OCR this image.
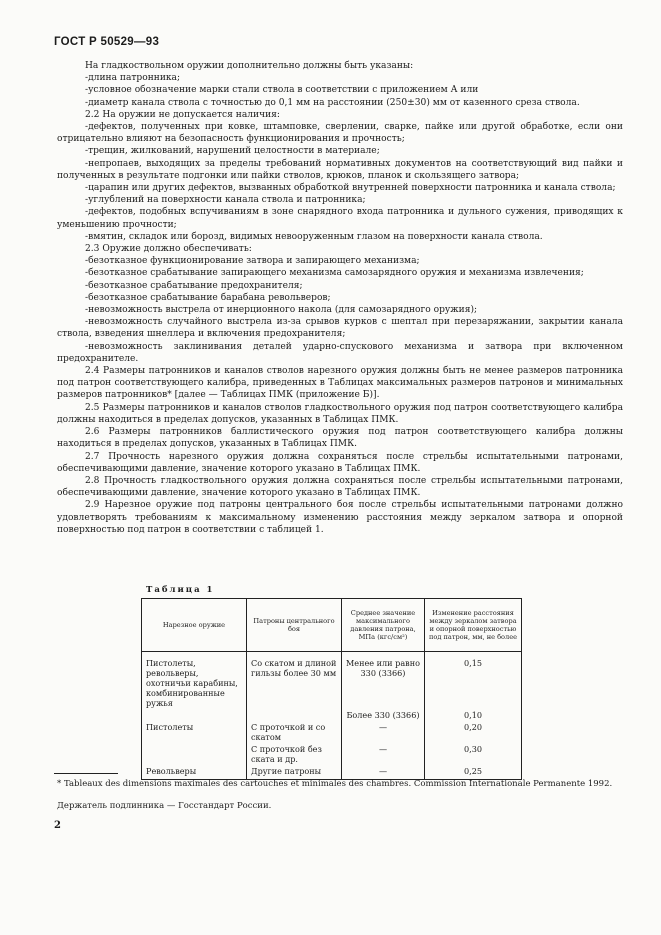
ГОСТ Р 50529—93

На гладкоствольном оружии дополнительно должны быть указаны:

-длина патронника;

-условное обозначение марки стали ствола в соответствии с приложением А или

-диаметр канала ствола с точностью до 0,1 мм на расстоянии (250±30) мм от казенного среза ствола.

2.2 На оружии не допускается наличия:

-дефектов, полученных при ковке, штамповке, сверлении, сварке, пайке или другой обработке, если они отрицательно влияют на безопасность функционирования и прочность;

-трещин, жилкований, нарушений целостности в материале;

-непропаев, выходящих за пределы требований нормативных документов на соответствующий вид пайки и полученных в результате подгонки или пайки стволов, крюков, планок и скользящего затвора;

-царапин или других дефектов, вызванных обработкой внутренней поверхности патронника и канала ствола;

-углублений на поверхности канала ствола и патронника;

-дефектов, подобных вспучиваниям в зоне снарядного входа патронника и дульного сужения, приводящих к уменьшению прочности;

-вмятин, складок или борозд, видимых невооруженным глазом на поверхности канала ствола.

2.3 Оружие должно обеспечивать:

-безотказное функционирование затвора и запирающего механизма;

-безотказное срабатывание запирающего механизма самозарядного оружия и механизма извлечения;

-безотказное срабатывание предохранителя;

-безотказное срабатывание барабана револьверов;

-невозможность выстрела от инерционного накола (для самозарядного оружия);

-невозможность случайного выстрела из-за срывов курков с шептал при перезаряжании, закрытии канала ствола, взведения шнеллера и включения предохранителя;

-невозможность заклинивания деталей ударно-спускового механизма и затвора при включенном предохранителе.

2.4 Размеры патронников и каналов стволов нарезного оружия должны быть не менее размеров патронника под патрон соответствующего калибра, приведенных в Таблицах максимальных размеров патронов и минимальных размеров патронников* [далее — Таблицах ПМК (приложение Б)].

2.5 Размеры патронников и каналов стволов гладкоствольного оружия под патрон соответствующего калибра должны находиться в пределах допусков, указанных в Таблицах ПМК.

2.6 Размеры патронников баллистического оружия под патрон соответствующего калибра должны находиться в пределах допусков, указанных в Таблицах ПМК.

2.7 Прочность нарезного оружия должна сохраняться после стрельбы испытательными патронами, обеспечивающими давление, значение которого указано в Таблицах ПМК.

2.8 Прочность гладкоствольного оружия должна сохраняться после стрельбы испытательными патронами, обеспечивающими давление, значение которого указано в Таблицах ПМК.

2.9 Нарезное оружие под патроны центрального боя после стрельбы испытательными патронами должно удовлетворять требованиям к максимальному изменению расстояния между зеркалом затвора и опорной поверхностью под патрон в соответствии с таблицей 1.

Таблица 1
Нарезное оружие	Патроны центрального боя	Среднее значение максимального давления патрона, МПа (кгс/см²)	Изменение расстояния между зеркалом затвора и опорной поверхностью под патрон, мм, не более
Пистолеты, револьверы, охотничьи карабины, комбинированные ружья	Со скатом и длиной гильзы более 30 мм	Менее или равно 330 (3366)	0,15
		Более 330 (3366)	0,10
Пистолеты	С проточкой и со скатом	—	0,20
	С проточкой без ската и др.	—	0,30
Револьверы	Другие патроны	—	0,25

* Tableaux des dimensions maximales des cartouches et minimales des chambres. Commission Internationale Permanente 1992.

Держатель подлинника — Госстандарт России.
2
